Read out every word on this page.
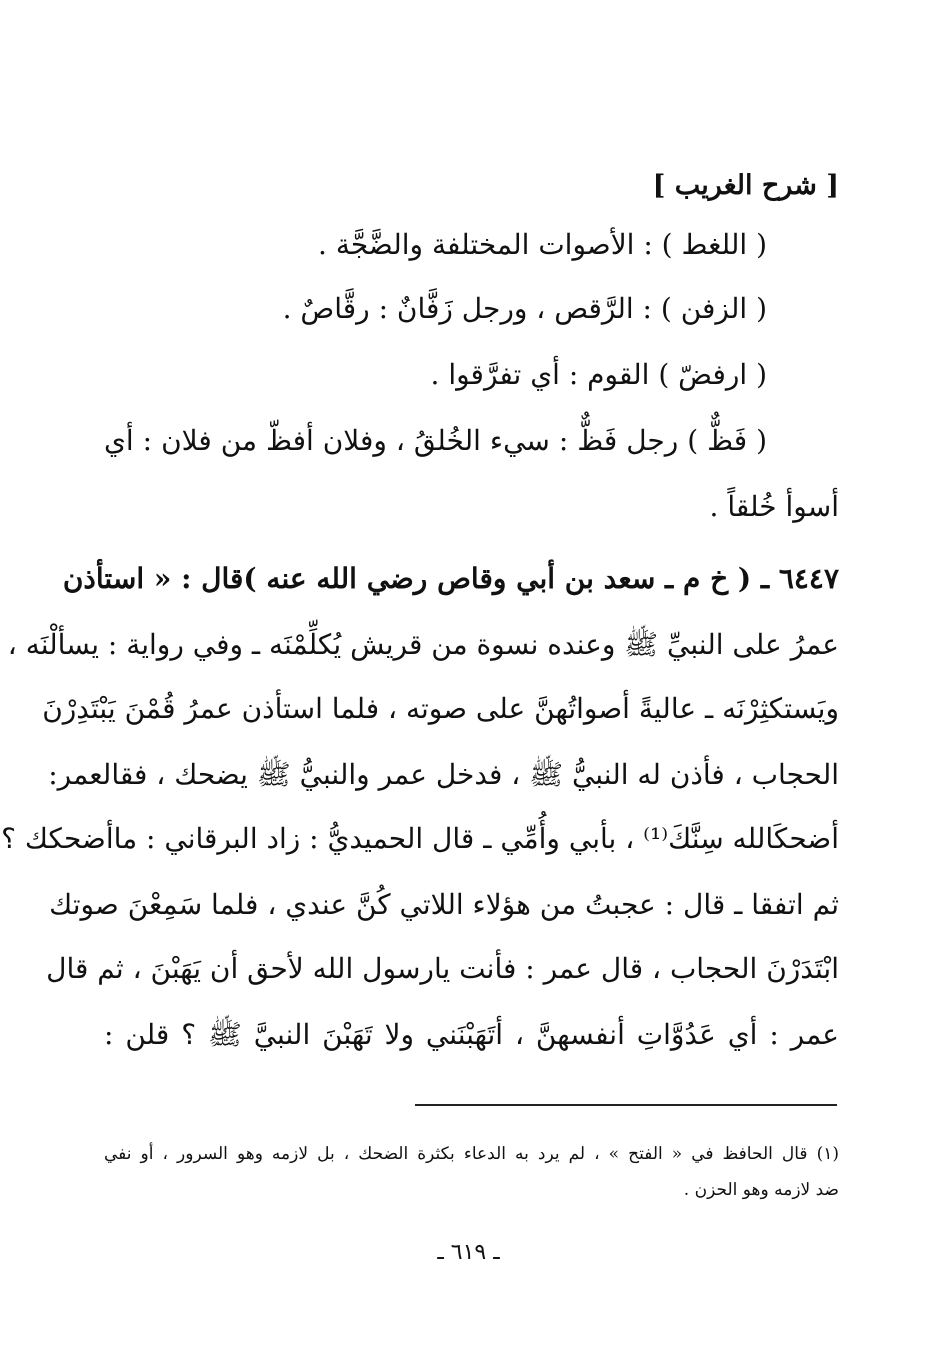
[ شرح الغريب ]
( اللغط ) : الأصوات المختلفة والضَّجَّة .
( الزفن ) : الرَّقص ، ورجل زَفَّانٌ : رقَّاصٌ .
( ارفضّ ) القوم : أي تفرَّقوا .
( فَظٌّ ) رجل فَظٌّ : سيء الخُلقُ ، وفلان أفظّ من فلان : أي
أسوأ خُلقاً .
٦٤٤٧ ـ ( خ م ـ سعد بن أبي وقاص رضي الله عنه )قال : « استأذن
عمرُ على النبيِّ ﷺ وعنده نسوة من قريش يُكلِّمْنَه ـ وفي رواية : يسألْنَه ،
ويَستكثِرْنَه ـ عاليةً أصواتُهنَّ على صوته ، فلما استأذن عمرُ قُمْنَ يَبْتَدِرْنَ
الحجاب ، فأذن له النبيُّ ﷺ ، فدخل عمر والنبيُّ ﷺ يضحك ، فقالعمر:
أضحكَالله سِنَّكَ⁽¹⁾ ، بأبي وأُمِّي ـ قال الحميديُّ : زاد البرقاني : ماأضحكك ؟
ثم اتفقا ـ قال : عجبتُ من هؤلاء اللاتي كُنَّ عندي ، فلما سَمِعْنَ صوتك
ابْتَدَرْنَ الحجاب ، قال عمر : فأنت يارسول الله لأحق أن يَهَبْنَ ، ثم قال
عمر : أي عَدُوَّاتِ أنفسهنَّ ، أتَهَبْنَني ولا تَهَبْنَ النبيَّ ﷺ ؟ قلن :
(١) قال الحافظ في « الفتح » ، لم يرد به الدعاء بكثرة الضحك ، بل لازمه وهو السرور ، أو نفي
ضد لازمه وهو الحزن .
ـ ٦١٩ ـ
